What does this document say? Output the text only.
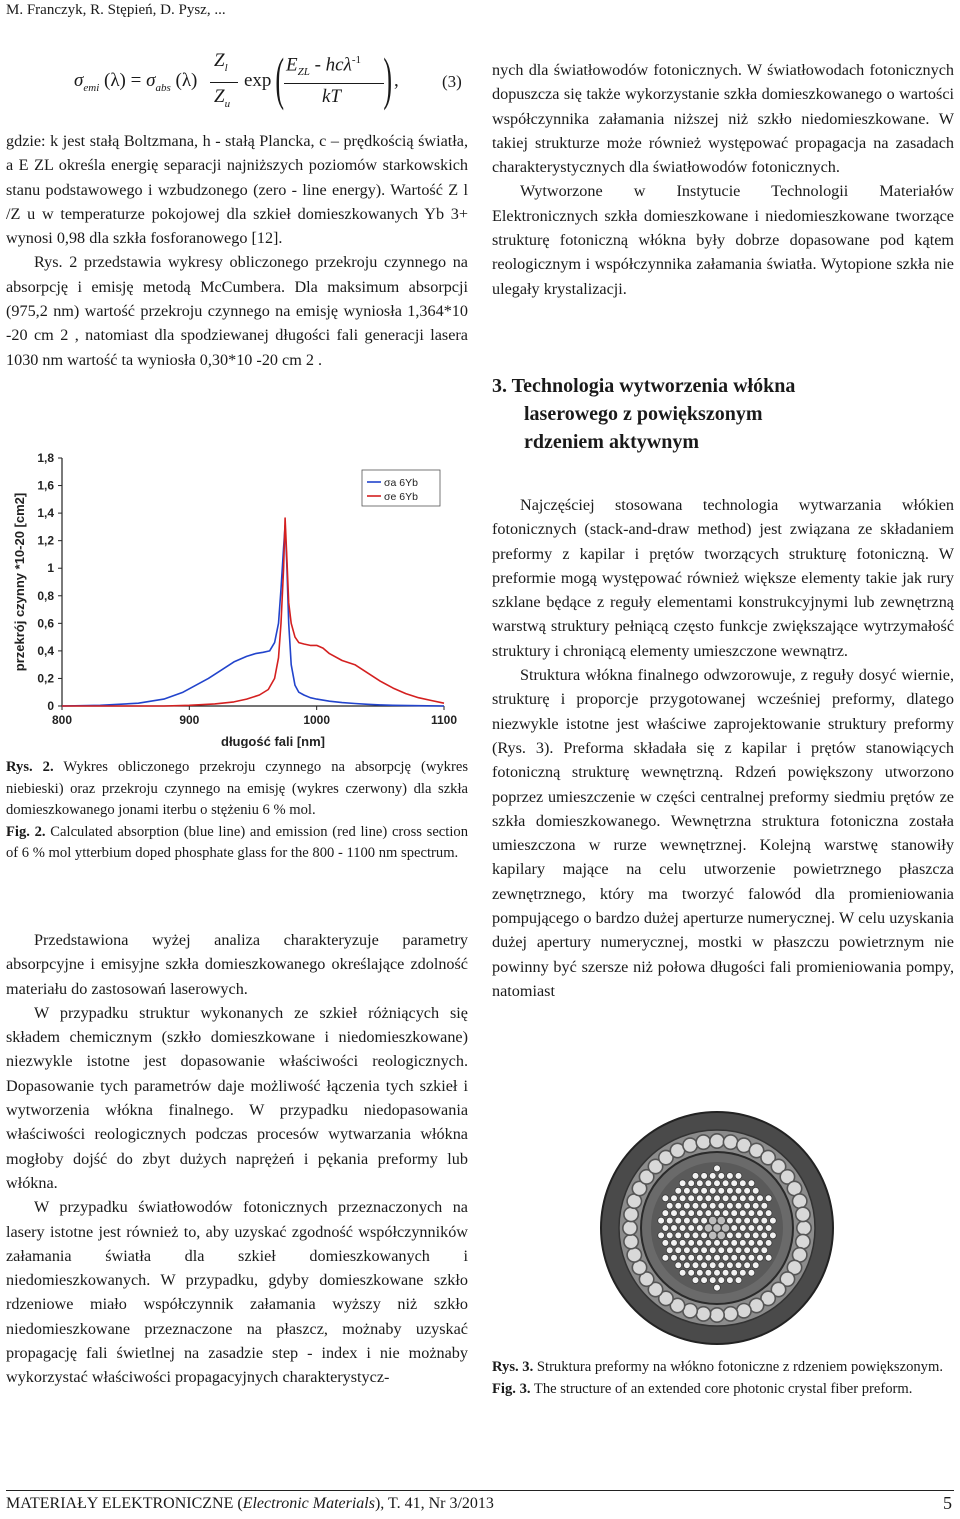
M. Franczyk, R. Stępień, D. Pysz, ...
$\sigma_{emi}$ $(\lambda) = \sigma_{abs}$ (λ)
$Z_l$
$Z_u$
exp ( $E_{ZL} - hc\lambda^{-1}$
kT ) ,	(3)

gdzie: k jest stałą Boltzmana, h - stałą Plancka, c – prędkością światła, a E ZL określa energię separacji najniższych poziomów starkowskich stanu podstawowego i wzbudzonego (zero - line energy). Wartość Z l /Z u w temperaturze pokojowej dla szkieł domieszkowanych Yb 3+ wynosi 0,98 dla szkła fosforanowego [12].

Rys. 2 przedstawia wykresy obliczonego przekroju czynnego na absorpcję i emisję metodą McCumbera. Dla maksimum absorpcji (975,2 nm) wartość przekroju czynnego na emisję wyniosła 1,364*10 -20 cm 2 , natomiast dla spodziewanej długości fali generacji lasera 1030 nm wartość ta wyniosła 0,30*10 -20 cm 2 .

0
0,2
0,4
0,6
0,8
1
1,2
1,4
1,6
1,8
800	900	1000	1100
długość fali [nm]
przekrój czynny *10-20 [cm2]
σa 6Yb
σe 6Yb

Rys. 2. Wykres obliczonego przekroju czynnego na absorpcję (wykres niebieski) oraz przekroju czynnego na emisję (wykres czerwony) dla szkła domieszkowanego jonami iterbu o stężeniu 6 % mol.

Fig. 2. Calculated absorption (blue line) and emission (red line) cross section of 6 % mol ytterbium doped phosphate glass for the 800 - 1100 nm spectrum.

Przedstawiona wyżej analiza charakteryzuje parametry absorpcyjne i emisyjne szkła domieszkowanego określające zdolność materiału do zastosowań laserowych.

W przypadku struktur wykonanych ze szkieł różniących się składem chemicznym (szkło domieszkowane i niedomieszkowane) niezwykle istotne jest dopasowanie właściwości reologicznych. Dopasowanie tych parametrów daje możliwość łączenia tych szkieł i wytworzenia włókna finalnego. W przypadku niedopasowania właściwości reologicznych podczas procesów wytwarzania włókna mogłoby dojść do zbyt dużych naprężeń i pękania preformy lub włókna.

W przypadku światłowodów fotonicznych przeznaczonych na lasery istotne jest również to, aby uzyskać zgodność współczynników załamania światła dla szkieł domieszkowanych i niedomieszkowanych. W przypadku, gdyby domieszkowane szkło rdzeniowe miało współczynnik załamania wyższy niż szkło niedomieszkowane przeznaczone na płaszcz, możnaby uzyskać propagację fali świetlnej na zasadzie step - index i nie możnaby wykorzystać właściwości propagacyjnych charakterystycz-

nych dla światłowodów fotonicznych. W światłowodach fotonicznych dopuszcza się także wykorzystanie szkła domieszkowanego o wartości współczynnika załamania niższej niż szkło niedomieszkowane. W takiej strukturze może również występować propagacja na zasadach charakterystycznych dla światłowodów fotonicznych.

Wytworzone w Instytucie Technologii Materiałów Elektronicznych szkła domieszkowane i niedomieszkowane tworzące strukturę fotoniczną włókna były dobrze dopasowane pod kątem reologicznym i współczynnika załamania światła. Wytopione szkła nie ulegały krystalizacji.

3. Technologia wytworzenia włókna

laserowego z powiększonym

rdzeniem aktywnym

Najczęściej stosowana technologia wytwarzania włókien fotonicznych (stack-and-draw method) jest związana ze składaniem preformy z kapilar i prętów tworzących strukturę fotoniczną. W preformie mogą występować również większe elementy takie jak rury szklane będące z reguły elementami konstrukcyjnymi lub zewnętrzną warstwą struktury pełniącą często funkcje zwiększające wytrzymałość struktury i chroniącą elementy umieszczone wewnątrz.

Struktura włókna finalnego odwzorowuje, z reguły dosyć wiernie, strukturę i proporcje przygotowanej wcześniej preformy, dlatego niezwykle istotne jest właściwe zaprojektowanie struktury preformy (Rys. 3). Preforma składała się z kapilar i prętów stanowiących fotoniczną strukturę wewnętrzną. Rdzeń powiększony utworzono poprzez umieszczenie w części centralnej preformy siedmiu prętów ze szkła domieszkowanego. Wewnętrzna struktura fotoniczna została umieszczona w rurze wewnętrznej. Kolejną warstwę stanowiły kapilary mające na celu utworzenie powietrznego płaszcza zewnętrznego, który ma tworzyć falowód dla promieniowania pompującego o bardzo dużej aperturze numerycznej. W celu uzyskania dużej apertury numerycznej, mostki w płaszczu powietrznym nie powinny być szersze niż połowa długości fali promieniowania pompy, natomiast

Rys. 3. Struktura preformy na włókno fotoniczne z rdzeniem powiększonym.

Fig. 3. The structure of an extended core photonic crystal fiber preform.

MATERIAŁY ELEKTRONICZNE (Electronic Materials), T. 41, Nr 3/2013	5
